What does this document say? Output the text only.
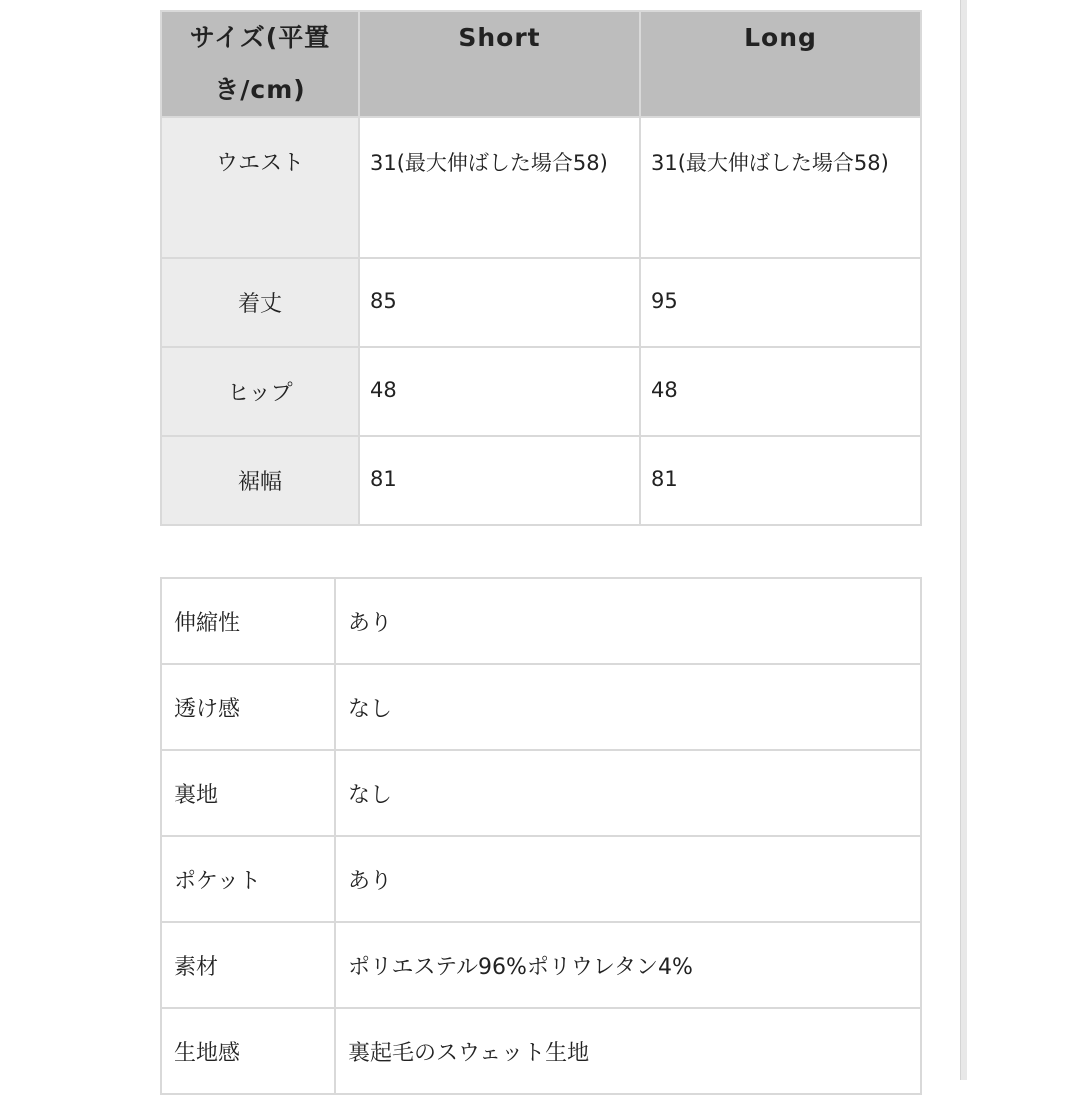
サイズ(平置き/cm)	Short	Long
ウエスト	31(最大伸ばした場合58)	31(最大伸ばした場合58)
着丈	85	95
ヒップ	48	48
裾幅	81	81
伸縮性	あり
透け感	なし
裏地	なし
ポケット	あり
素材	ポリエステル96%ポリウレタン4%
生地感	裏起毛のスウェット生地
